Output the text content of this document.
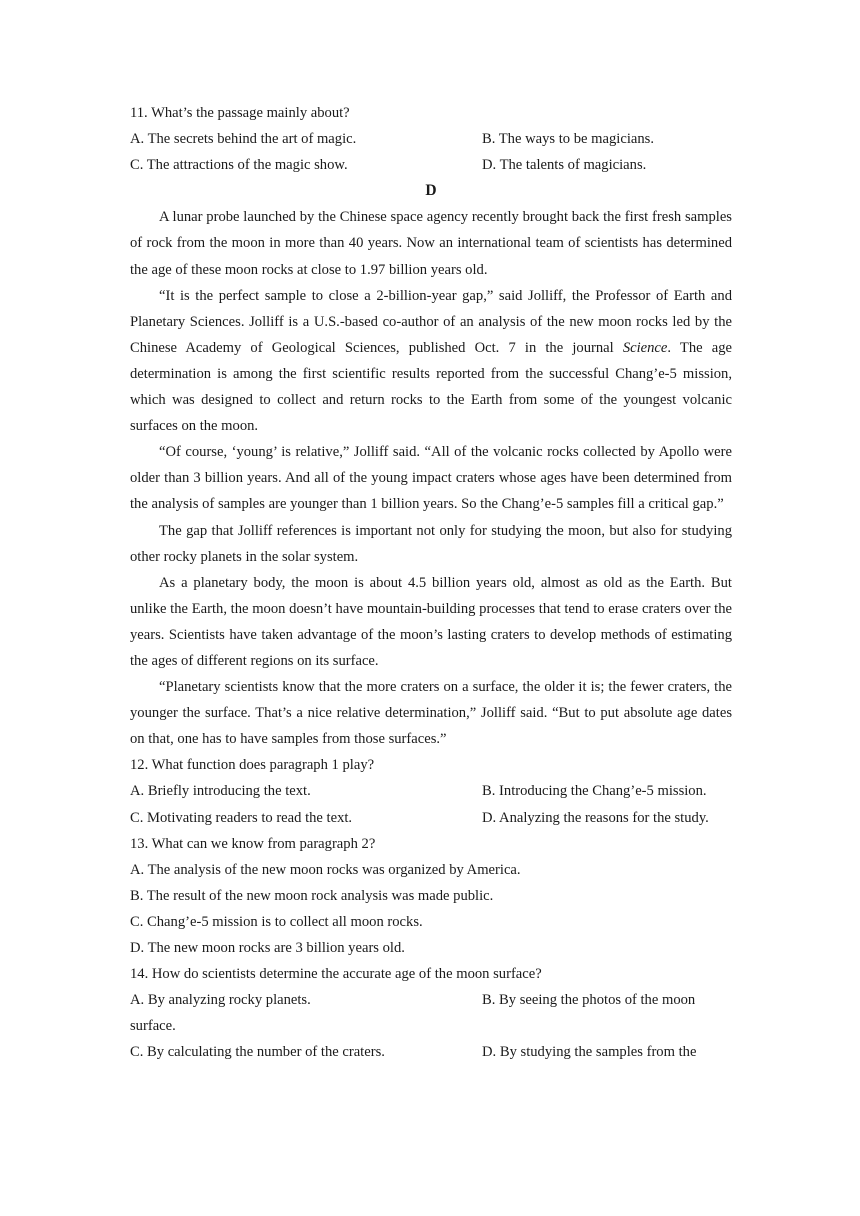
11. What’s the passage mainly about?

A. The secrets behind the art of magic.	B. The ways to be magicians.
C. The attractions of the magic show.	D. The talents of magicians.

D

A lunar probe launched by the Chinese space agency recently brought back the first fresh samples of rock from the moon in more than 40 years. Now an international team of scientists has determined the age of these moon rocks at close to 1.97 billion years old.

“It is the perfect sample to close a 2-billion-year gap,” said Jolliff, the Professor of Earth and Planetary Sciences. Jolliff is a U.S.-based co-author of an analysis of the new moon rocks led by the Chinese Academy of Geological Sciences, published Oct. 7 in the journal Science. The age determination is among the first scientific results reported from the successful Chang’e-5 mission, which was designed to collect and return rocks to the Earth from some of the youngest volcanic surfaces on the moon.

“Of course, ‘young’ is relative,” Jolliff said. “All of the volcanic rocks collected by Apollo were older than 3 billion years. And all of the young impact craters whose ages have been determined from the analysis of samples are younger than 1 billion years. So the Chang’e-5 samples fill a critical gap.”

The gap that Jolliff references is important not only for studying the moon, but also for studying other rocky planets in the solar system.

As a planetary body, the moon is about 4.5 billion years old, almost as old as the Earth. But unlike the Earth, the moon doesn’t have mountain-building processes that tend to erase craters over the years. Scientists have taken advantage of the moon’s lasting craters to develop methods of estimating the ages of different regions on its surface.

“Planetary scientists know that the more craters on a surface, the older it is; the fewer craters, the younger the surface. That’s a nice relative determination,” Jolliff said. “But to put absolute age dates on that, one has to have samples from those surfaces.”

12. What function does paragraph 1 play?

A. Briefly introducing the text.	B. Introducing the Chang’e-5 mission.
C. Motivating readers to read the text.	D. Analyzing the reasons for the study.

13. What can we know from paragraph 2?

A. The analysis of the new moon rocks was organized by America.

B. The result of the new moon rock analysis was made public.

C. Chang’e-5 mission is to collect all moon rocks.

D. The new moon rocks are 3 billion years old.

14. How do scientists determine the accurate age of the moon surface?

A. By analyzing rocky planets.	B. By seeing the photos of the moon

surface.

C. By calculating the number of the craters.	D. By studying the samples from the
